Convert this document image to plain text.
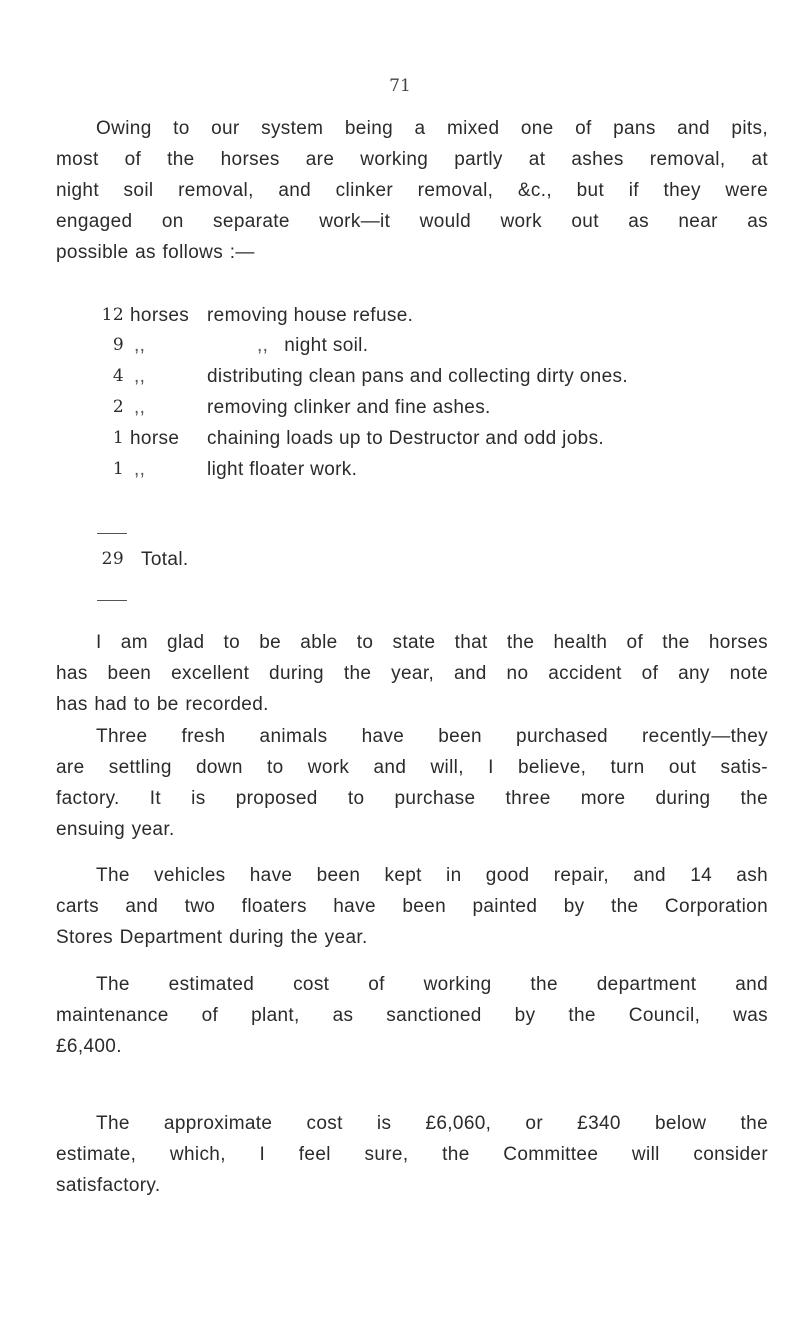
71
Owing to our system being a mixed one of pans and pits,
most of the horses are working partly at ashes removal, at
night soil removal, and clinker removal, &c., but if they were
engaged on separate work—it would work out as near as
possible as follows :—
12 horses removing house refuse.
9 ,,	,, night soil.
4 ,,	distributing clean pans and collecting dirty ones.
2 ,,	removing clinker and fine ashes.
1 horse	chaining loads up to Destructor and odd jobs.
1 ,,	light floater work.
29 Total.
I am glad to be able to state that the health of the horses
has been excellent during the year, and no accident of any note
has had to be recorded.
Three fresh animals have been purchased recently—they
are settling down to work and will, I believe, turn out satis-
factory. It is proposed to purchase three more during the
ensuing year.
The vehicles have been kept in good repair, and 14 ash
carts and two floaters have been painted by the Corporation
Stores Department during the year.
The estimated cost of working the department and
maintenance of plant, as sanctioned by the Council, was
£6,400.
The approximate cost is £6,060, or £340 below the
estimate, which, I feel sure, the Committee will consider
satisfactory.
